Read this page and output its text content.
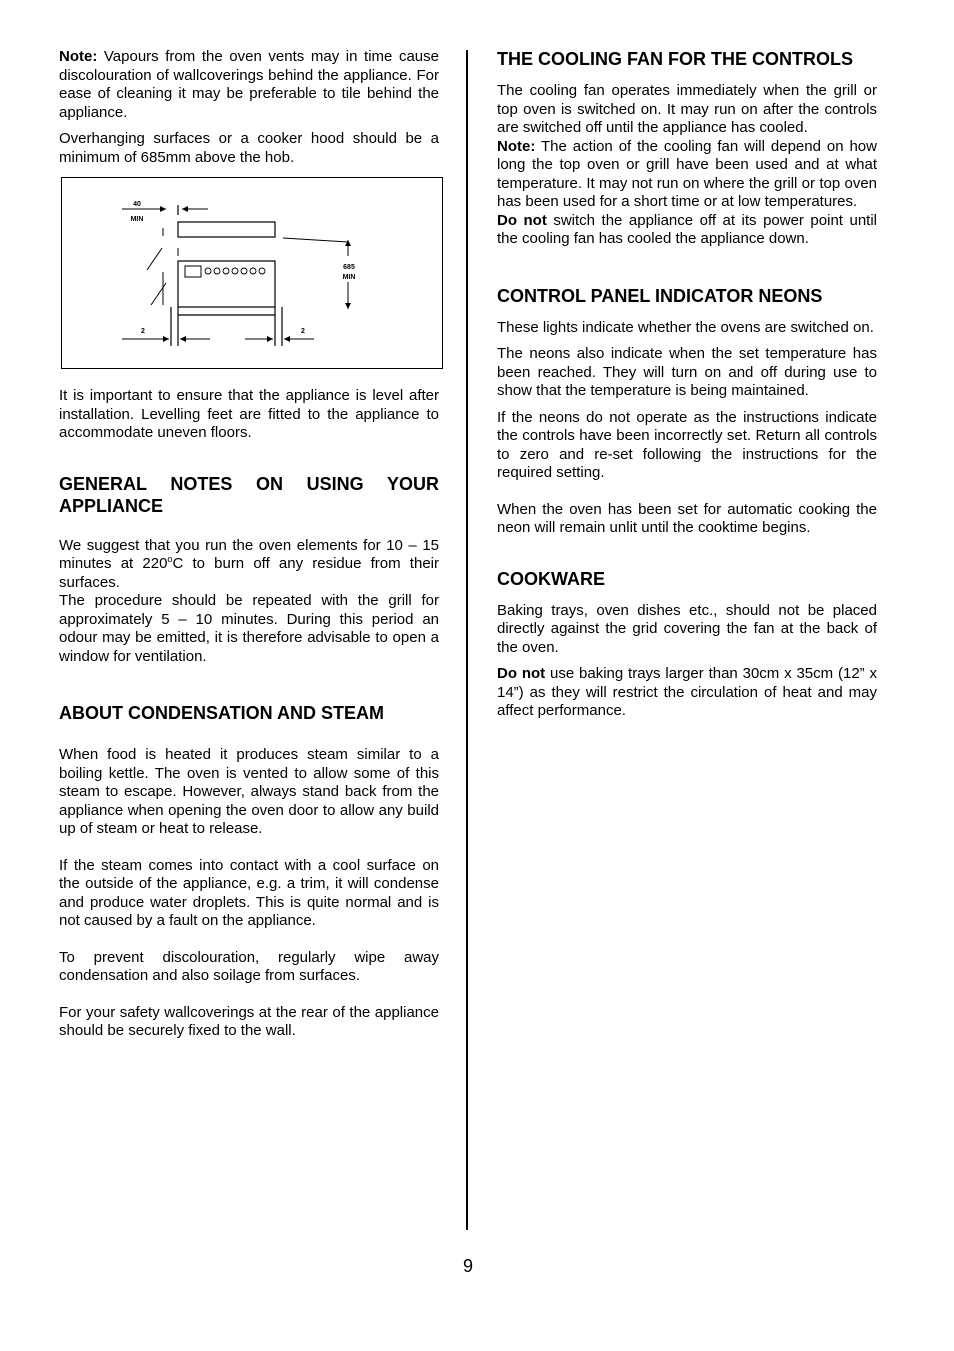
Note: Vapours from the oven vents may in time cause discolouration of wallcoverings behind the appliance. For ease of cleaning it may be preferable to tile behind the appliance.

Overhanging surfaces or a cooker hood should be a minimum of 685mm above the hob.

40
MIN
685
MIN
2	2

It is important to ensure that the appliance is level after installation. Levelling feet are fitted to the appliance to accommodate uneven floors.

GENERAL NOTES ON USING YOUR APPLIANCE

We suggest that you run the oven elements for 10 – 15 minutes at 220$^o$C to burn off any residue from their surfaces.

The procedure should be repeated with the grill for approximately 5 – 10 minutes. During this period an odour may be emitted, it is therefore advisable to open a window for ventilation.

ABOUT CONDENSATION AND STEAM

When food is heated it produces steam similar to a boiling kettle. The oven is vented to allow some of this steam to escape. However, always stand back from the appliance when opening the oven door to allow any build up of steam or heat to release.

If the steam comes into contact with a cool surface on the outside of the appliance, e.g. a trim, it will condense and produce water droplets. This is quite normal and is not caused by a fault on the appliance.

To prevent discolouration, regularly wipe away condensation and also soilage from surfaces.

For your safety wallcoverings at the rear of the appliance should be securely fixed to the wall.

THE COOLING FAN FOR THE CONTROLS

The cooling fan operates immediately when the grill or top oven is switched on. It may run on after the controls are switched off until the appliance has cooled.

Note: The action of the cooling fan will depend on how long the top oven or grill have been used and at what temperature. It may not run on where the grill or top oven has been used for a short time or at low temperatures.

Do not switch the appliance off at its power point until the cooling fan has cooled the appliance down.

CONTROL PANEL INDICATOR NEONS

These lights indicate whether the ovens are switched on.

The neons also indicate when the set temperature has been reached. They will turn on and off during use to show that the temperature is being maintained.

If the neons do not operate as the instructions indicate the controls have been incorrectly set. Return all controls to zero and re-set following the instructions for the required setting.

When the oven has been set for automatic cooking the neon will remain unlit until the cooktime begins.

COOKWARE

Baking trays, oven dishes etc., should not be placed directly against the grid covering the fan at the back of the oven.

Do not use baking trays larger than 30cm x 35cm (12” x 14”) as they will restrict the circulation of heat and may affect performance.

9
